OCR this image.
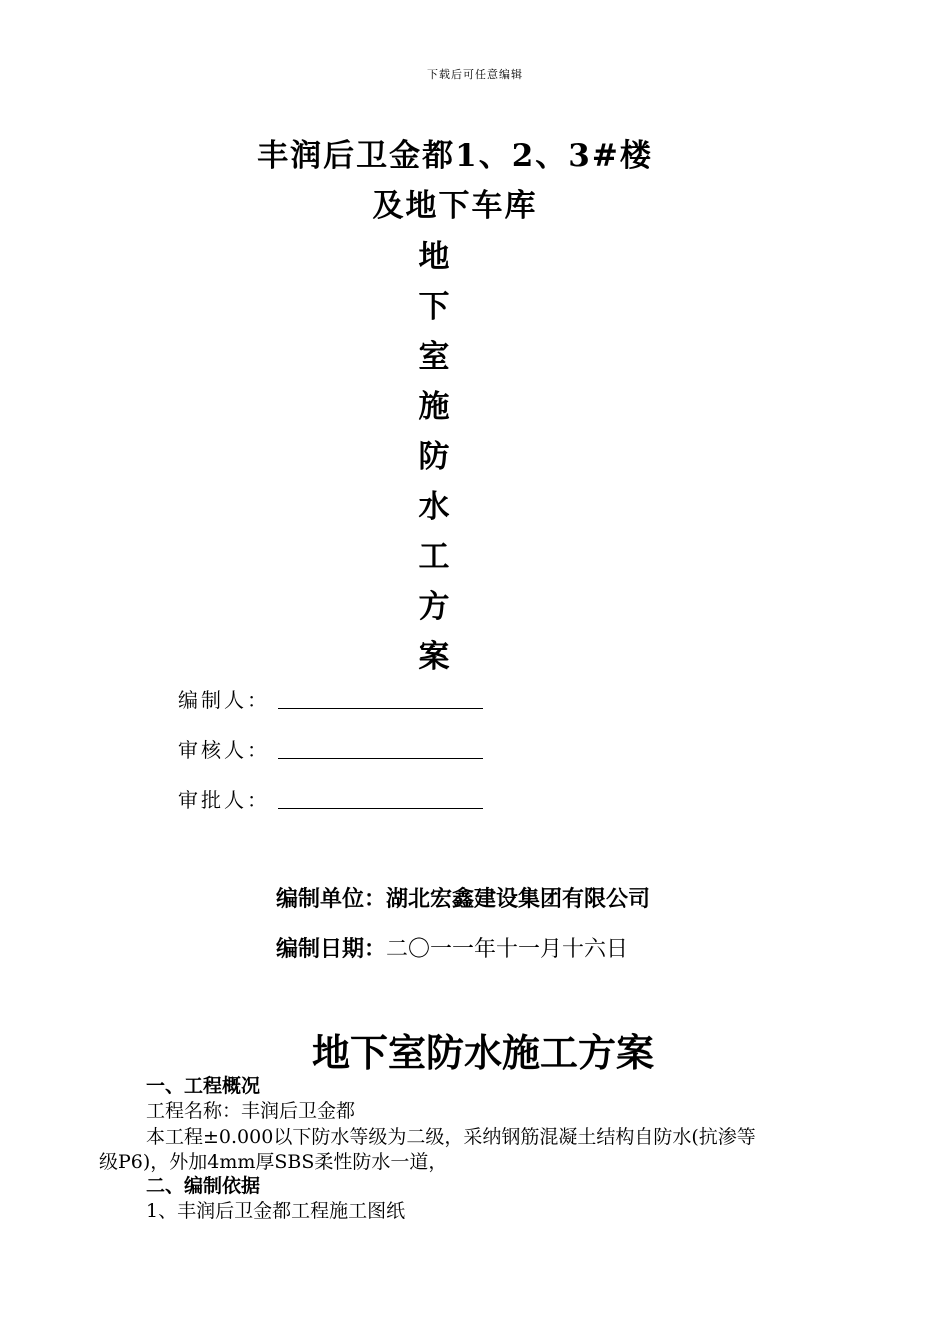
下载后可任意编辑
丰润后卫金都1、2、3#楼
及地下车库
地
下
室
施
防
水
工
方
案
编制人：
审核人：
审批人：
编制单位：湖北宏鑫建设集团有限公司
编制日期：二〇一一年十一月十六日
地下室防水施工方案
一、工程概况
工程名称：丰润后卫金都
本工程±0.000以下防水等级为二级，采纳钢筋混凝土结构自防水(抗渗等
级P6)，外加4mm厚SBS柔性防水一道，
二、编制依据
1、丰润后卫金都工程施工图纸
